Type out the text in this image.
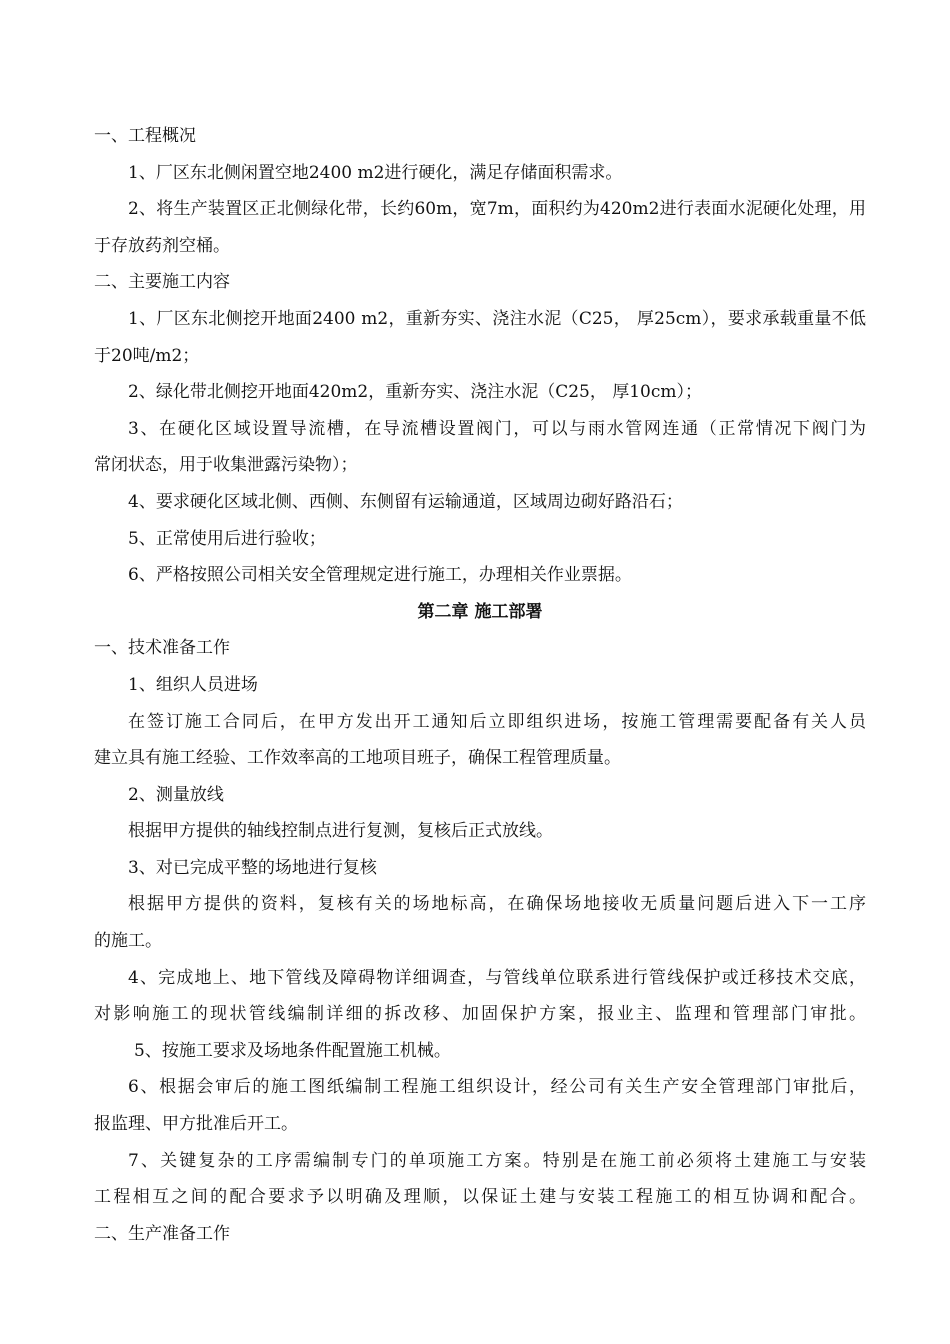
一、工程概况
1、厂区东北侧闲置空地2400 m2进行硬化，满足存储面积需求。
2、将生产装置区正北侧绿化带，长约60m，宽7m，面积约为420m2进行表面水泥硬化处理，用
于存放药剂空桶。
二、主要施工内容
1、厂区东北侧挖开地面2400 m2，重新夯实、浇注水泥（C25， 厚25cm），要求承载重量不低
于20吨/m2；
2、绿化带北侧挖开地面420m2，重新夯实、浇注水泥（C25， 厚10cm）；
3、在硬化区域设置导流槽，在导流槽设置阀门，可以与雨水管网连通（正常情况下阀门为
常闭状态，用于收集泄露污染物）；
4、要求硬化区域北侧、西侧、东侧留有运输通道，区域周边砌好路沿石；
5、正常使用后进行验收；
6、严格按照公司相关安全管理规定进行施工，办理相关作业票据。
第二章 施工部署
一、技术准备工作
1、组织人员进场
在签订施工合同后，在甲方发出开工通知后立即组织进场，按施工管理需要配备有关人员
建立具有施工经验、工作效率高的工地项目班子，确保工程管理质量。
2、测量放线
根据甲方提供的轴线控制点进行复测，复核后正式放线。
3、对已完成平整的场地进行复核
根据甲方提供的资料，复核有关的场地标高，在确保场地接收无质量问题后进入下一工序
的施工。
4、完成地上、地下管线及障碍物详细调查，与管线单位联系进行管线保护或迁移技术交底，
对影响施工的现状管线编制详细的拆改移、加固保护方案，报业主、监理和管理部门审批。
5、按施工要求及场地条件配置施工机械。
6、根据会审后的施工图纸编制工程施工组织设计，经公司有关生产安全管理部门审批后，
报监理、甲方批准后开工。
7、关键复杂的工序需编制专门的单项施工方案。特别是在施工前必须将土建施工与安装
工程相互之间的配合要求予以明确及理顺，以保证土建与安装工程施工的相互协调和配合。
二、生产准备工作
